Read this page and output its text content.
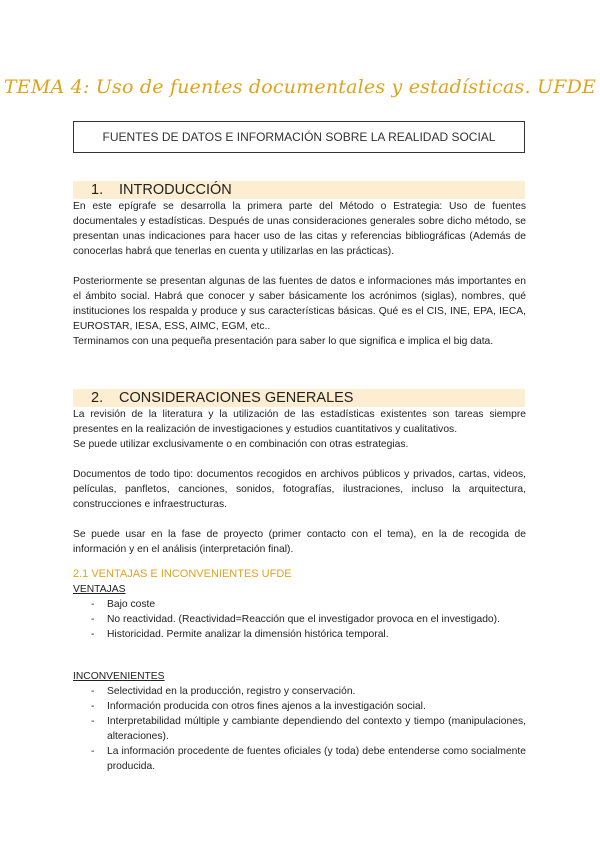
TEMA 4: Uso de fuentes documentales y estadísticas. UFDE
FUENTES DE DATOS E INFORMACIÓN SOBRE LA REALIDAD SOCIAL
1. INTRODUCCIÓN

En este epígrafe se desarrolla la primera parte del Método o Estrategia: Uso de fuentes documentales y estadísticas. Después de unas consideraciones generales sobre dicho método, se presentan unas indicaciones para hacer uso de las citas y referencias bibliográficas (Además de conocerlas habrá que tenerlas en cuenta y utilizarlas en las prácticas).

Posteriormente se presentan algunas de las fuentes de datos e informaciones más importantes en el ámbito social. Habrá que conocer y saber básicamente los acrónimos (siglas), nombres, qué instituciones los respalda y produce y sus características básicas. Qué es el CIS, INE, EPA, IECA, EUROSTAR, IESA, ESS, AIMC, EGM, etc..

Terminamos con una pequeña presentación para saber lo que significa e implica el big data.

2. CONSIDERACIONES GENERALES

La revisión de la literatura y la utilización de las estadísticas existentes son tareas siempre presentes en la realización de investigaciones y estudios cuantitativos y cualitativos.

Se puede utilizar exclusivamente o en combinación con otras estrategias.

Documentos de todo tipo: documentos recogidos en archivos públicos y privados, cartas, videos, películas, panfletos, canciones, sonidos, fotografías, ilustraciones, incluso la arquitectura, construcciones e infraestructuras.

Se puede usar en la fase de proyecto (primer contacto con el tema), en la de recogida de información y en el análisis (interpretación final).

2.1 VENTAJAS E INCONVENIENTES UFDE
VENTAJAS
- Bajo coste
- No reactividad. (Reactividad=Reacción que el investigador provoca en el investigado).
- Historicidad. Permite analizar la dimensión histórica temporal.
INCONVENIENTES
- Selectividad en la producción, registro y conservación.
- Información producida con otros fines ajenos a la investigación social.
- Interpretabilidad múltiple y cambiante dependiendo del contexto y tiempo (manipulaciones, alteraciones).
- La información procedente de fuentes oficiales (y toda) debe entenderse como socialmente producida.
